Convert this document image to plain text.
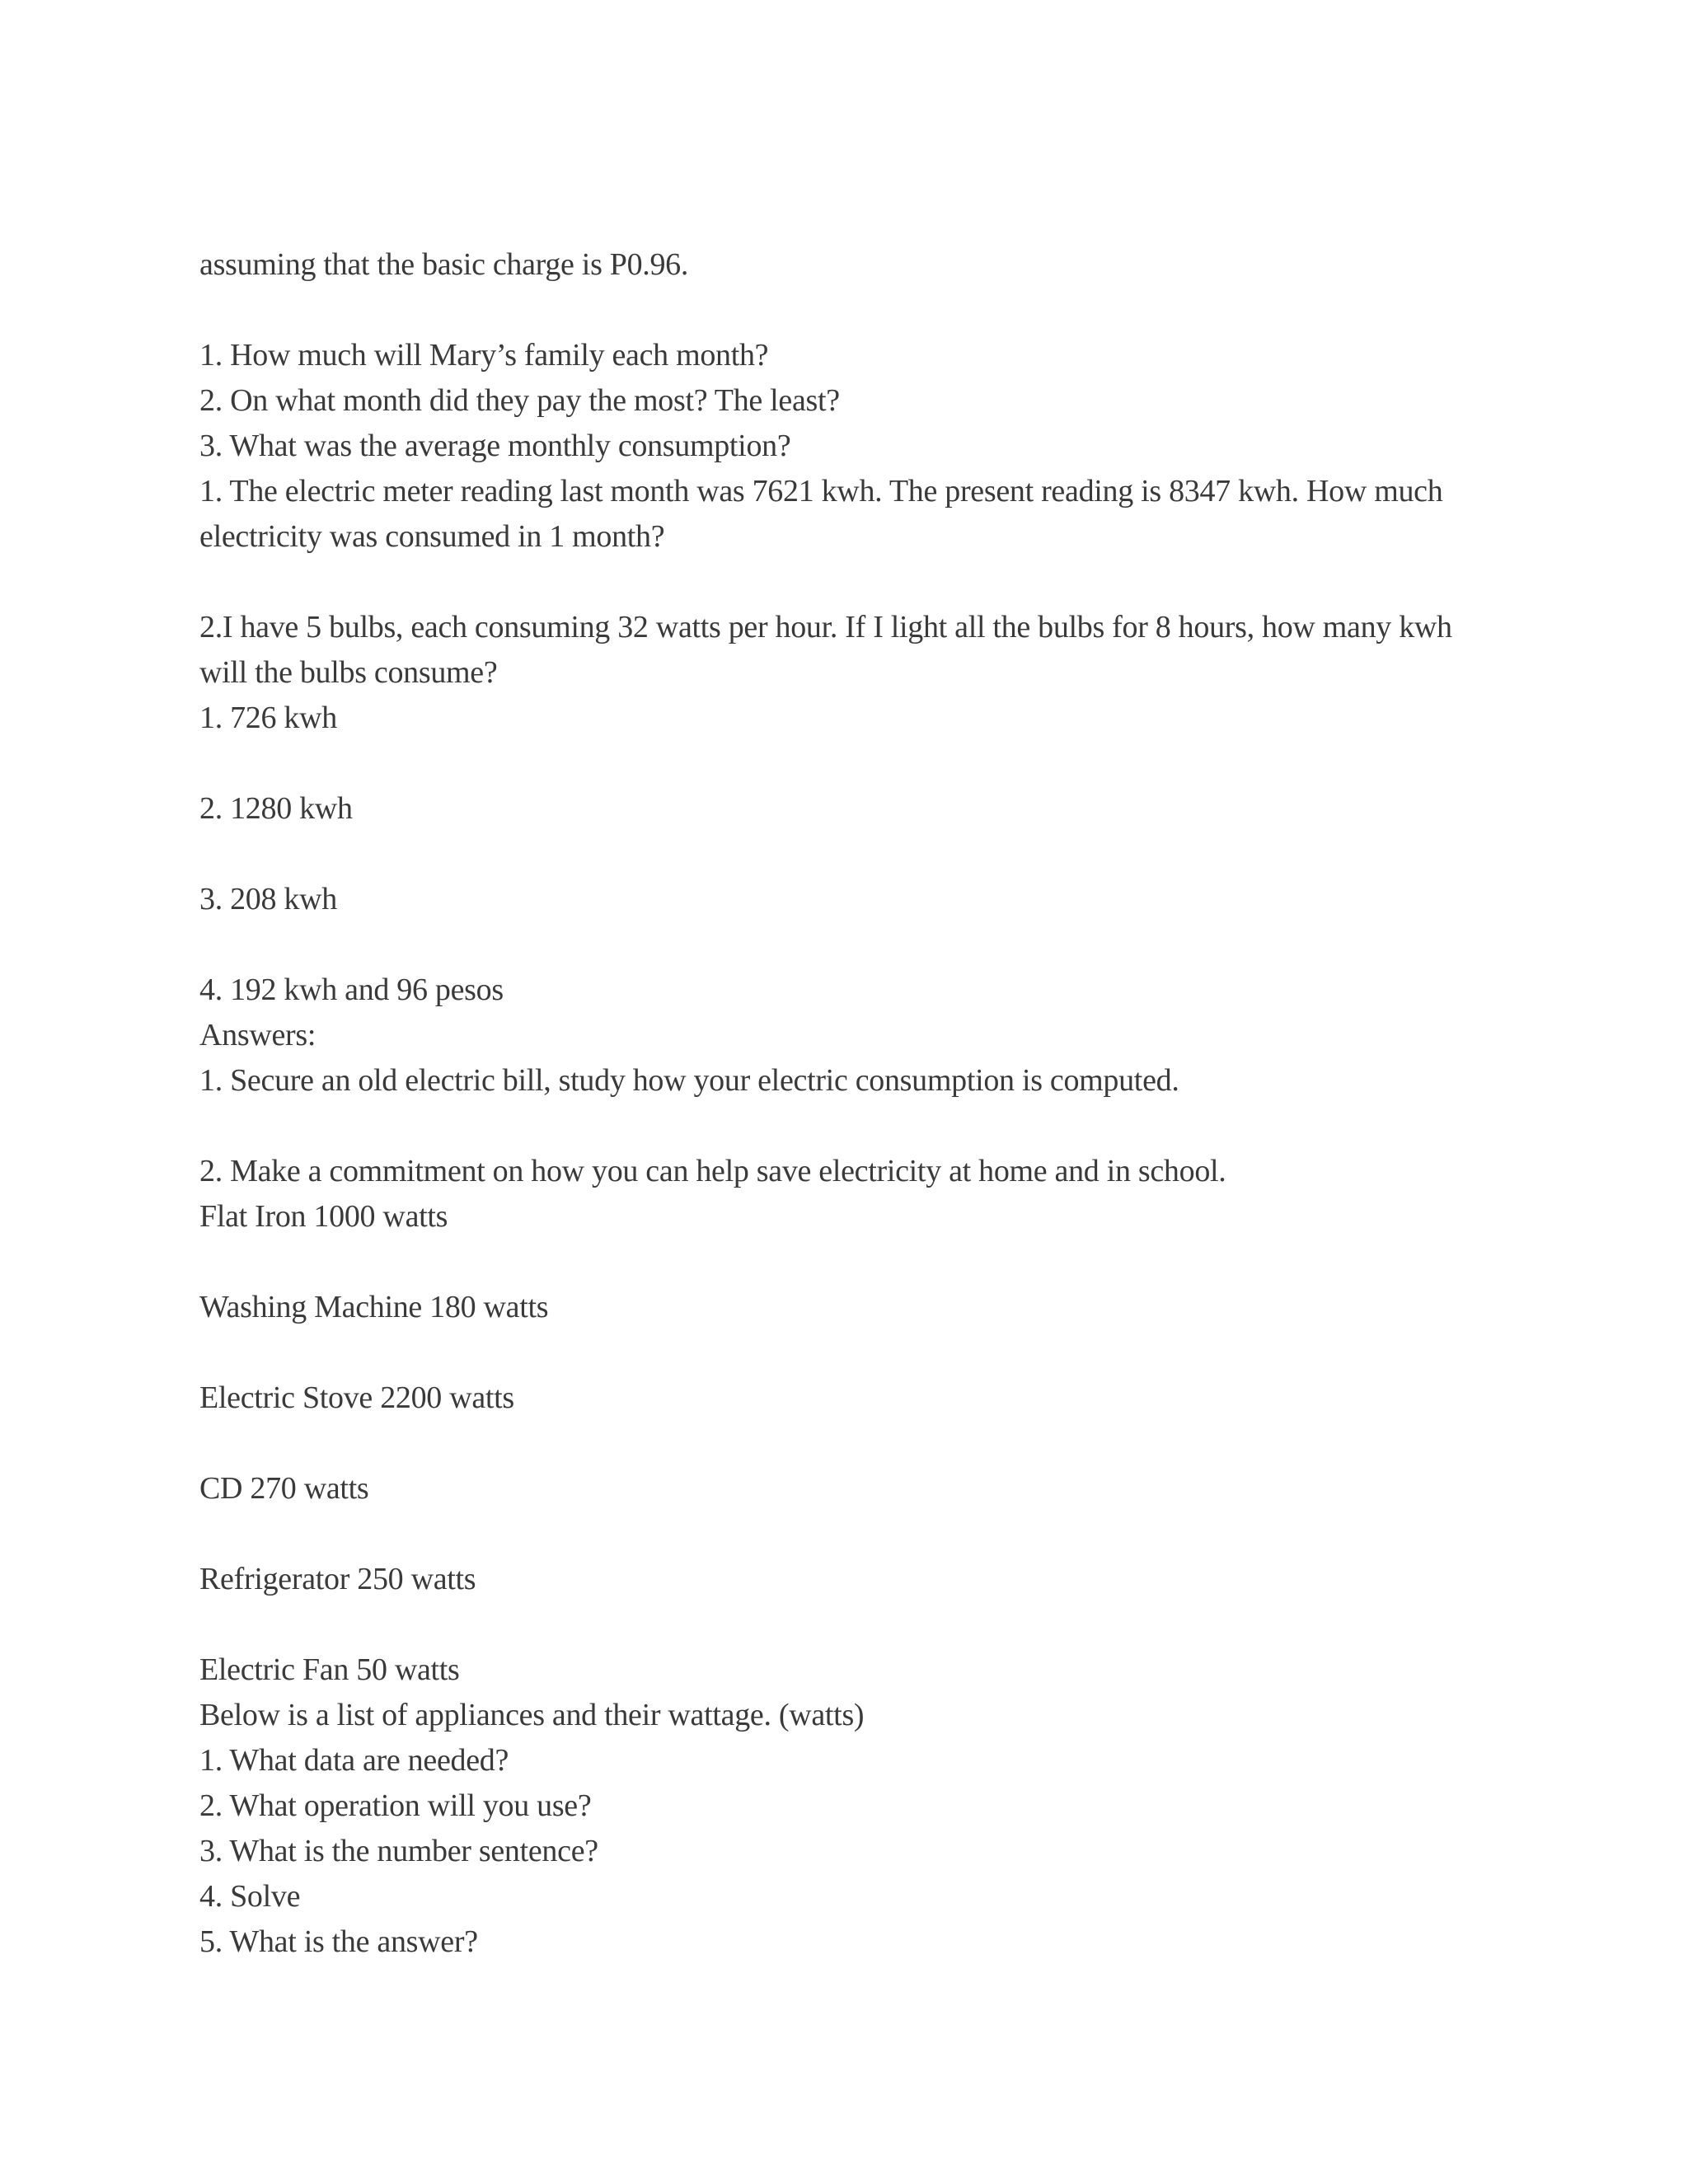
assuming that the basic charge is P0.96.
1. How much will Mary’s family each month?
2. On what month did they pay the most? The least?
3. What was the average monthly consumption?
1. The electric meter reading last month was 7621 kwh. The present reading is 8347 kwh. How much
electricity was consumed in 1 month?
2.I have 5 bulbs, each consuming 32 watts per hour. If I light all the bulbs for 8 hours, how many kwh
will the bulbs consume?
1. 726 kwh
2. 1280 kwh
3. 208 kwh
4. 192 kwh and 96 pesos
Answers:
1. Secure an old electric bill, study how your electric consumption is computed.
2. Make a commitment on how you can help save electricity at home and in school.
Flat Iron 1000 watts
Washing Machine 180 watts
Electric Stove 2200 watts
CD 270 watts
Refrigerator 250 watts
Electric Fan 50 watts
Below is a list of appliances and their wattage. (watts)
1. What data are needed?
2. What operation will you use?
3. What is the number sentence?
4. Solve
5. What is the answer?
